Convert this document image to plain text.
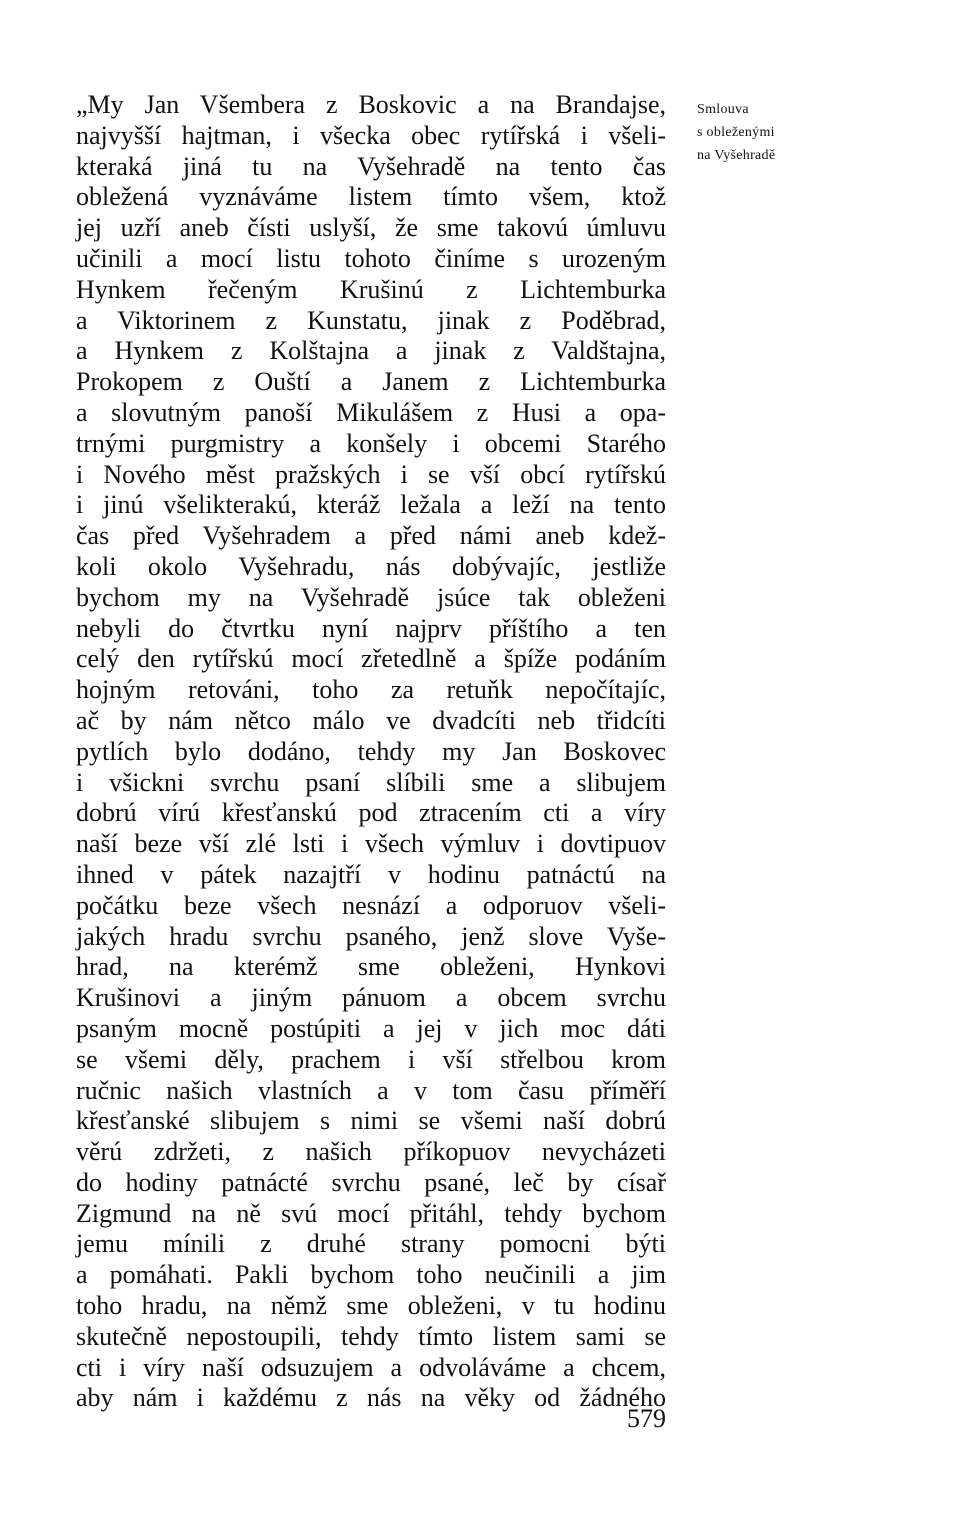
Smlouva
s obleženými
na Vyšehradě
„My Jan Všembera z Boskovic a na Brandajse,
najvyšší hajtman, i všecka obec rytířská i všeli-
kteraká jiná tu na Vyšehradě na tento čas
obležená vyznáváme listem tímto všem, ktož
jej uzří aneb čísti uslyší, že sme takovú úmluvu
učinili a mocí listu tohoto činíme s urozeným
Hynkem řečeným Krušinú z Lichtemburka
a Viktorinem z Kunstatu, jinak z Poděbrad,
a Hynkem z Kolštajna a jinak z Valdštajna,
Prokopem z Ouští a Janem z Lichtemburka
a slovutným panoší Mikulášem z Husi a opa-
trnými purgmistry a konšely i obcemi Starého
i Nového měst pražských i se vší obcí rytířskú
i jinú všelikterakú, kteráž ležala a leží na tento
čas před Vyšehradem a před námi aneb kdež-
koli okolo Vyšehradu, nás dobývajíc, jestliže
bychom my na Vyšehradě jsúce tak obleženi
nebyli do čtvrtku nyní najprv příštího a ten
celý den rytířskú mocí zřetedlně a špíže podáním
hojným retováni, toho za retuňk nepočítajíc,
ač by nám nětco málo ve dvadcíti neb třidcíti
pytlích bylo dodáno, tehdy my Jan Boskovec
i všickni svrchu psaní slíbili sme a slibujem
dobrú vírú křesťanskú pod ztracením cti a víry
naší beze vší zlé lsti i všech výmluv i dovtipuov
ihned v pátek nazajtří v hodinu patnáctú na
počátku beze všech nesnází a odporuov všeli-
jakých hradu svrchu psaného, jenž slove Vyše-
hrad, na kterémž sme obleženi, Hynkovi
Krušinovi a jiným pánuom a obcem svrchu
psaným mocně postúpiti a jej v jich moc dáti
se všemi děly, prachem i vší střelbou krom
ručnic našich vlastních a v tom času příměří
křesťanské slibujem s nimi se všemi naší dobrú
věrú zdržeti, z našich příkopuov nevycházeti
do hodiny patnácté svrchu psané, leč by císař
Zigmund na ně svú mocí přitáhl, tehdy bychom
jemu mínili z druhé strany pomocni býti
a pomáhati. Pakli bychom toho neučinili a jim
toho hradu, na němž sme obleženi, v tu hodinu
skutečně nepostoupili, tehdy tímto listem sami se
cti i víry naší odsuzujem a odvoláváme a chcem,
aby nám i každému z nás na věky od žádného
579
